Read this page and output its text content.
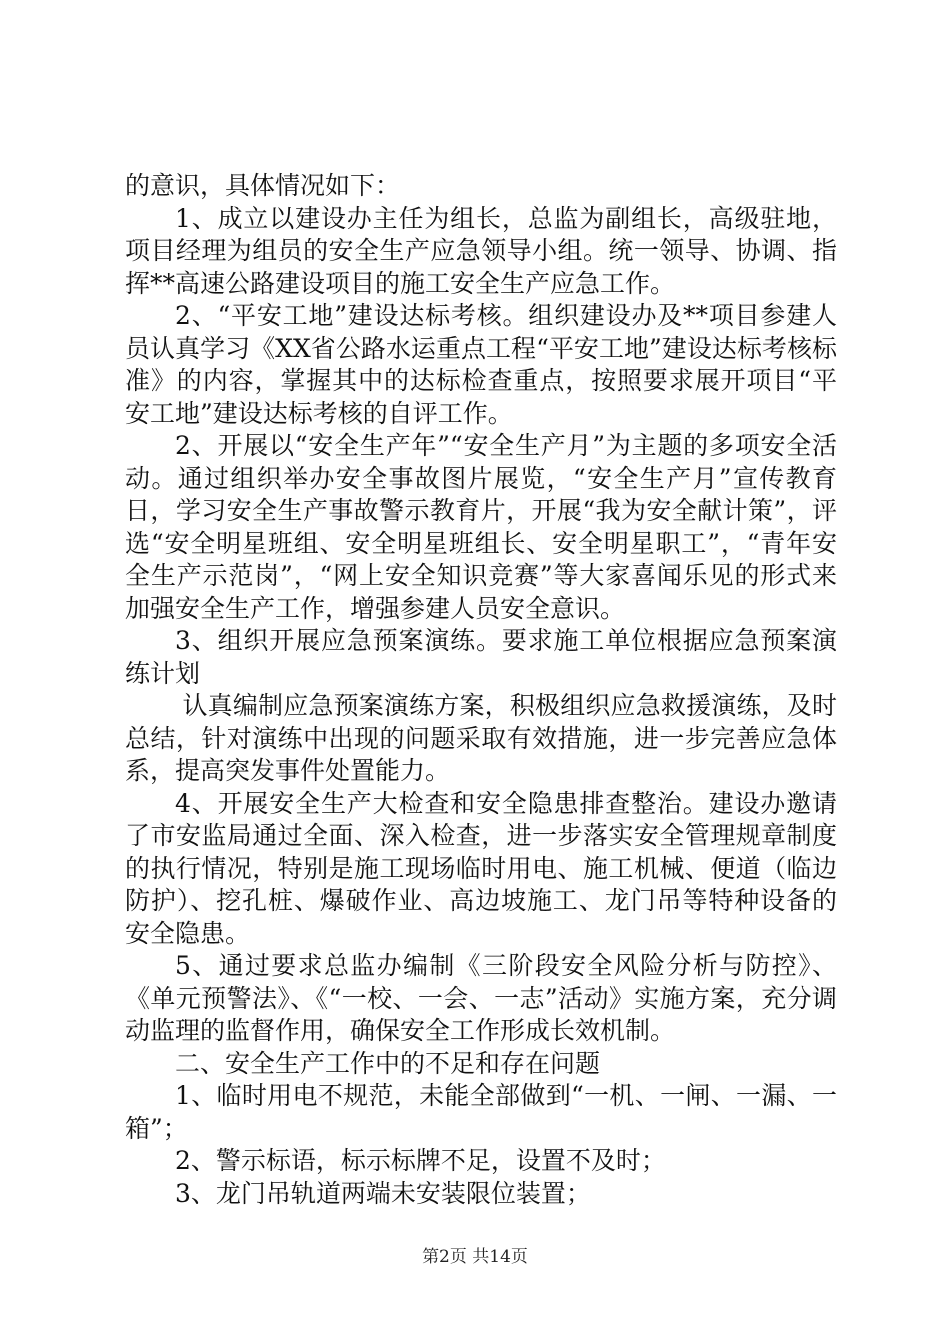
的意识，具体情况如下：

1、成立以建设办主任为组长，总监为副组长，高级驻地，项目经理为组员的安全生产应急领导小组。统一领导、协调、指挥**高速公路建设项目的施工安全生产应急工作。

2、“平安工地”建设达标考核。组织建设办及**项目参建人员认真学习《XX省公路水运重点工程“平安工地”建设达标考核标准》的内容，掌握其中的达标检查重点，按照要求展开项目“平安工地”建设达标考核的自评工作。

2、开展以“安全生产年”“安全生产月”为主题的多项安全活动。通过组织举办安全事故图片展览，“安全生产月”宣传教育日，学习安全生产事故警示教育片，开展“我为安全献计策”，评选“安全明星班组、安全明星班组长、安全明星职工”，“青年安全生产示范岗”，“网上安全知识竞赛”等大家喜闻乐见的形式来加强安全生产工作，增强参建人员安全意识。

3、组织开展应急预案演练。要求施工单位根据应急预案演练计划

认真编制应急预案演练方案，积极组织应急救援演练，及时总结，针对演练中出现的问题采取有效措施，进一步完善应急体系，提高突发事件处置能力。

4、开展安全生产大检查和安全隐患排查整治。建设办邀请了市安监局通过全面、深入检查，进一步落实安全管理规章制度的执行情况，特别是施工现场临时用电、施工机械、便道（临边防护）、挖孔桩、爆破作业、高边坡施工、龙门吊等特种设备的安全隐患。

5、通过要求总监办编制《三阶段安全风险分析与防控》、《单元预警法》、《“一校、一会、一志”活动》实施方案，充分调动监理的监督作用，确保安全工作形成长效机制。

二、安全生产工作中的不足和存在问题

1、临时用电不规范，未能全部做到“一机、一闸、一漏、一箱”；

2、警示标语，标示标牌不足，设置不及时；

3、龙门吊轨道两端未安装限位装置；

第2页 共14页
